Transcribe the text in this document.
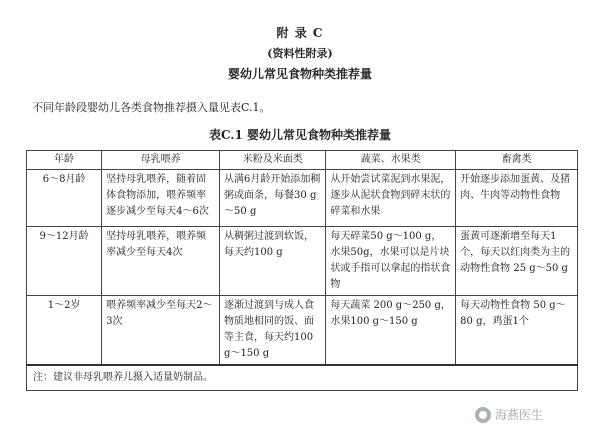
附 录 C
(资料性附录)
婴幼儿常见食物种类推荐量
不同年龄段婴幼儿各类食物推荐摄入量见表C.1。
表C.1 婴幼儿常见食物种类推荐量
年龄	母乳喂养	米粉及米面类	蔬菜、水果类	畜禽类
6～8月龄	坚持母乳喂养，随着固体食物添加，喂养频率逐步减少至每天4～6次	从满6月龄开始添加稠粥或面条，每餐30 g～50 g	从开始尝试菜泥到水果泥，逐步从泥状食物到碎末状的碎菜和水果	开始逐步添加蛋黄、及猪肉、牛肉等动物性食物
9～12月龄	坚持母乳喂养，喂养频率减少至每天4次	从稠粥过渡到软饭，每天约100 g	每天碎菜50 g～100 g，水果50g，水果可以是片块状或手指可以拿起的指状食物	蛋黄可逐渐增至每天1个，每天以红肉类为主的动物性食物 25 g～50 g
1～2岁	喂养频率减少至每天2～3次	逐渐过渡到与成人食物质地相同的饭、面等主食，每天约100 g～150 g	每天蔬菜 200 g～250 g，水果100 g～150 g	每天动物性食物 50 g～80 g，鸡蛋1个
注：建议非母乳喂养儿摄入适量奶制品。				
海燕医生
